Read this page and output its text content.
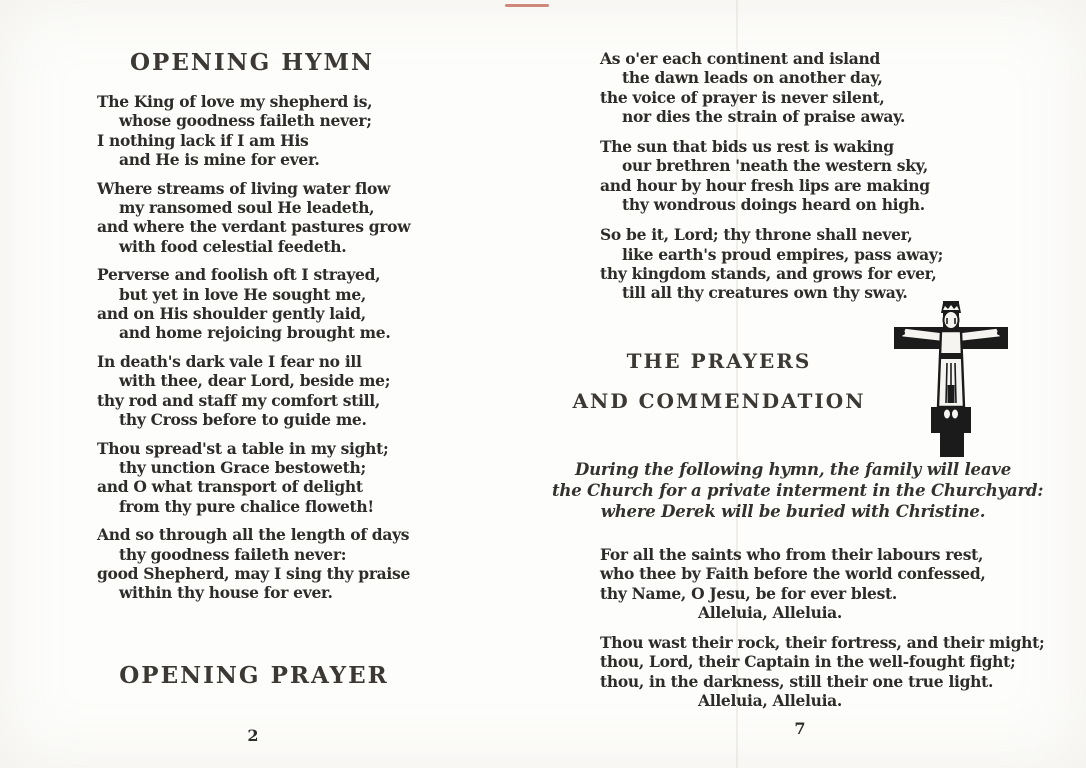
OPENING HYMN
The King of love my shepherd is,
whose goodness faileth never;
I nothing lack if I am His
and He is mine for ever.
Where streams of living water flow
my ransomed soul He leadeth,
and where the verdant pastures grow
with food celestial feedeth.
Perverse and foolish oft I strayed,
but yet in love He sought me,
and on His shoulder gently laid,
and home rejoicing brought me.
In death's dark vale I fear no ill
with thee, dear Lord, beside me;
thy rod and staff my comfort still,
thy Cross before to guide me.
Thou spread'st a table in my sight;
thy unction Grace bestoweth;
and O what transport of delight
from thy pure chalice floweth!
And so through all the length of days
thy goodness faileth never:
good Shepherd, may I sing thy praise
within thy house for ever.
OPENING PRAYER
2
As o'er each continent and island
the dawn leads on another day,
the voice of prayer is never silent,
nor dies the strain of praise away.
The sun that bids us rest is waking
our brethren 'neath the western sky,
and hour by hour fresh lips are making
thy wondrous doings heard on high.
So be it, Lord; thy throne shall never,
like earth's proud empires, pass away;
thy kingdom stands, and grows for ever,
till all thy creatures own thy sway.
THE PRAYERS
AND COMMENDATION
During the following hymn, the family will leave
the Church for a private interment in the Churchyard:
where Derek will be buried with Christine.
For all the saints who from their labours rest,
who thee by Faith before the world confessed,
thy Name, O Jesu, be for ever blest.
Alleluia, Alleluia.
Thou wast their rock, their fortress, and their might;
thou, Lord, their Captain in the well-fought fight;
thou, in the darkness, still their one true light.
Alleluia, Alleluia.
7
